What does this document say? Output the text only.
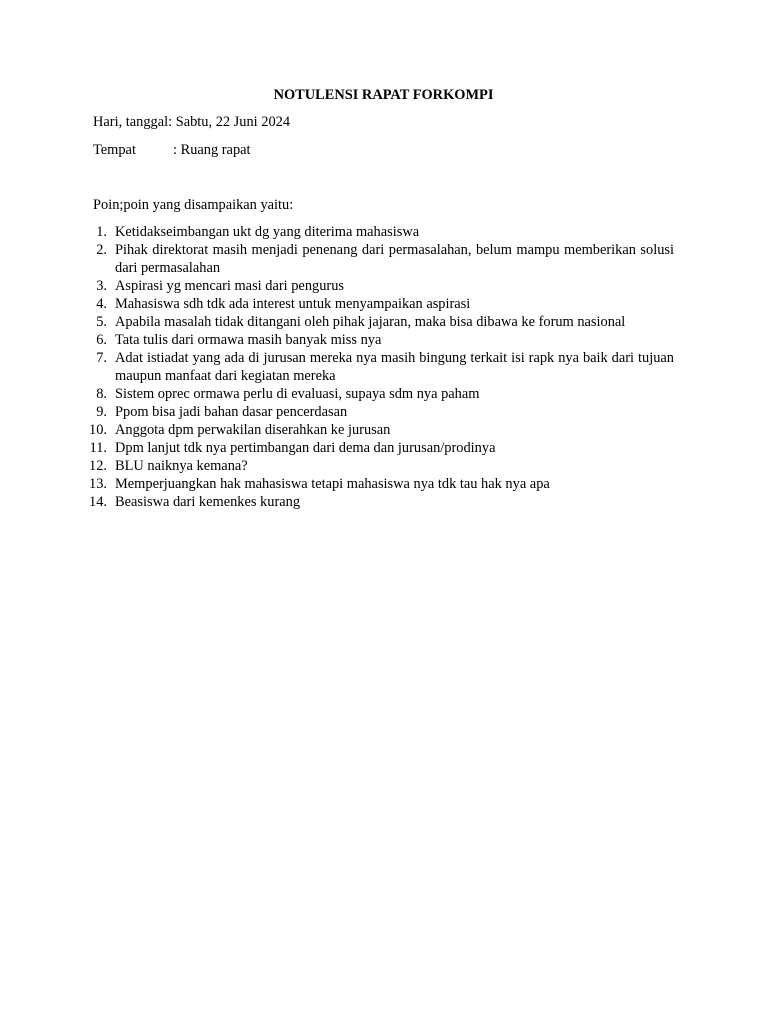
NOTULENSI RAPAT FORKOMPI

Hari, tanggal: Sabtu, 22 Juni 2024

Tempat	: Ruang rapat

Poin;poin yang disampaikan yaitu:

1. Ketidakseimbangan ukt dg yang diterima mahasiswa
2. Pihak direktorat masih menjadi penenang dari permasalahan, belum mampu memberikan solusi dari permasalahan
3. Aspirasi yg mencari masi dari pengurus
4. Mahasiswa sdh tdk ada interest untuk menyampaikan aspirasi
5. Apabila masalah tidak ditangani oleh pihak jajaran, maka bisa dibawa ke forum nasional
6. Tata tulis dari ormawa masih banyak miss nya
7. Adat istiadat yang ada di jurusan mereka nya masih bingung terkait isi rapk nya baik dari tujuan maupun manfaat dari kegiatan mereka
8. Sistem oprec ormawa perlu di evaluasi, supaya sdm nya paham
9. Ppom bisa jadi bahan dasar pencerdasan
10. Anggota dpm perwakilan diserahkan ke jurusan
11. Dpm lanjut tdk nya pertimbangan dari dema dan jurusan/prodinya
12. BLU naiknya kemana?
13. Memperjuangkan hak mahasiswa tetapi mahasiswa nya tdk tau hak nya apa
14. Beasiswa dari kemenkes kurang
